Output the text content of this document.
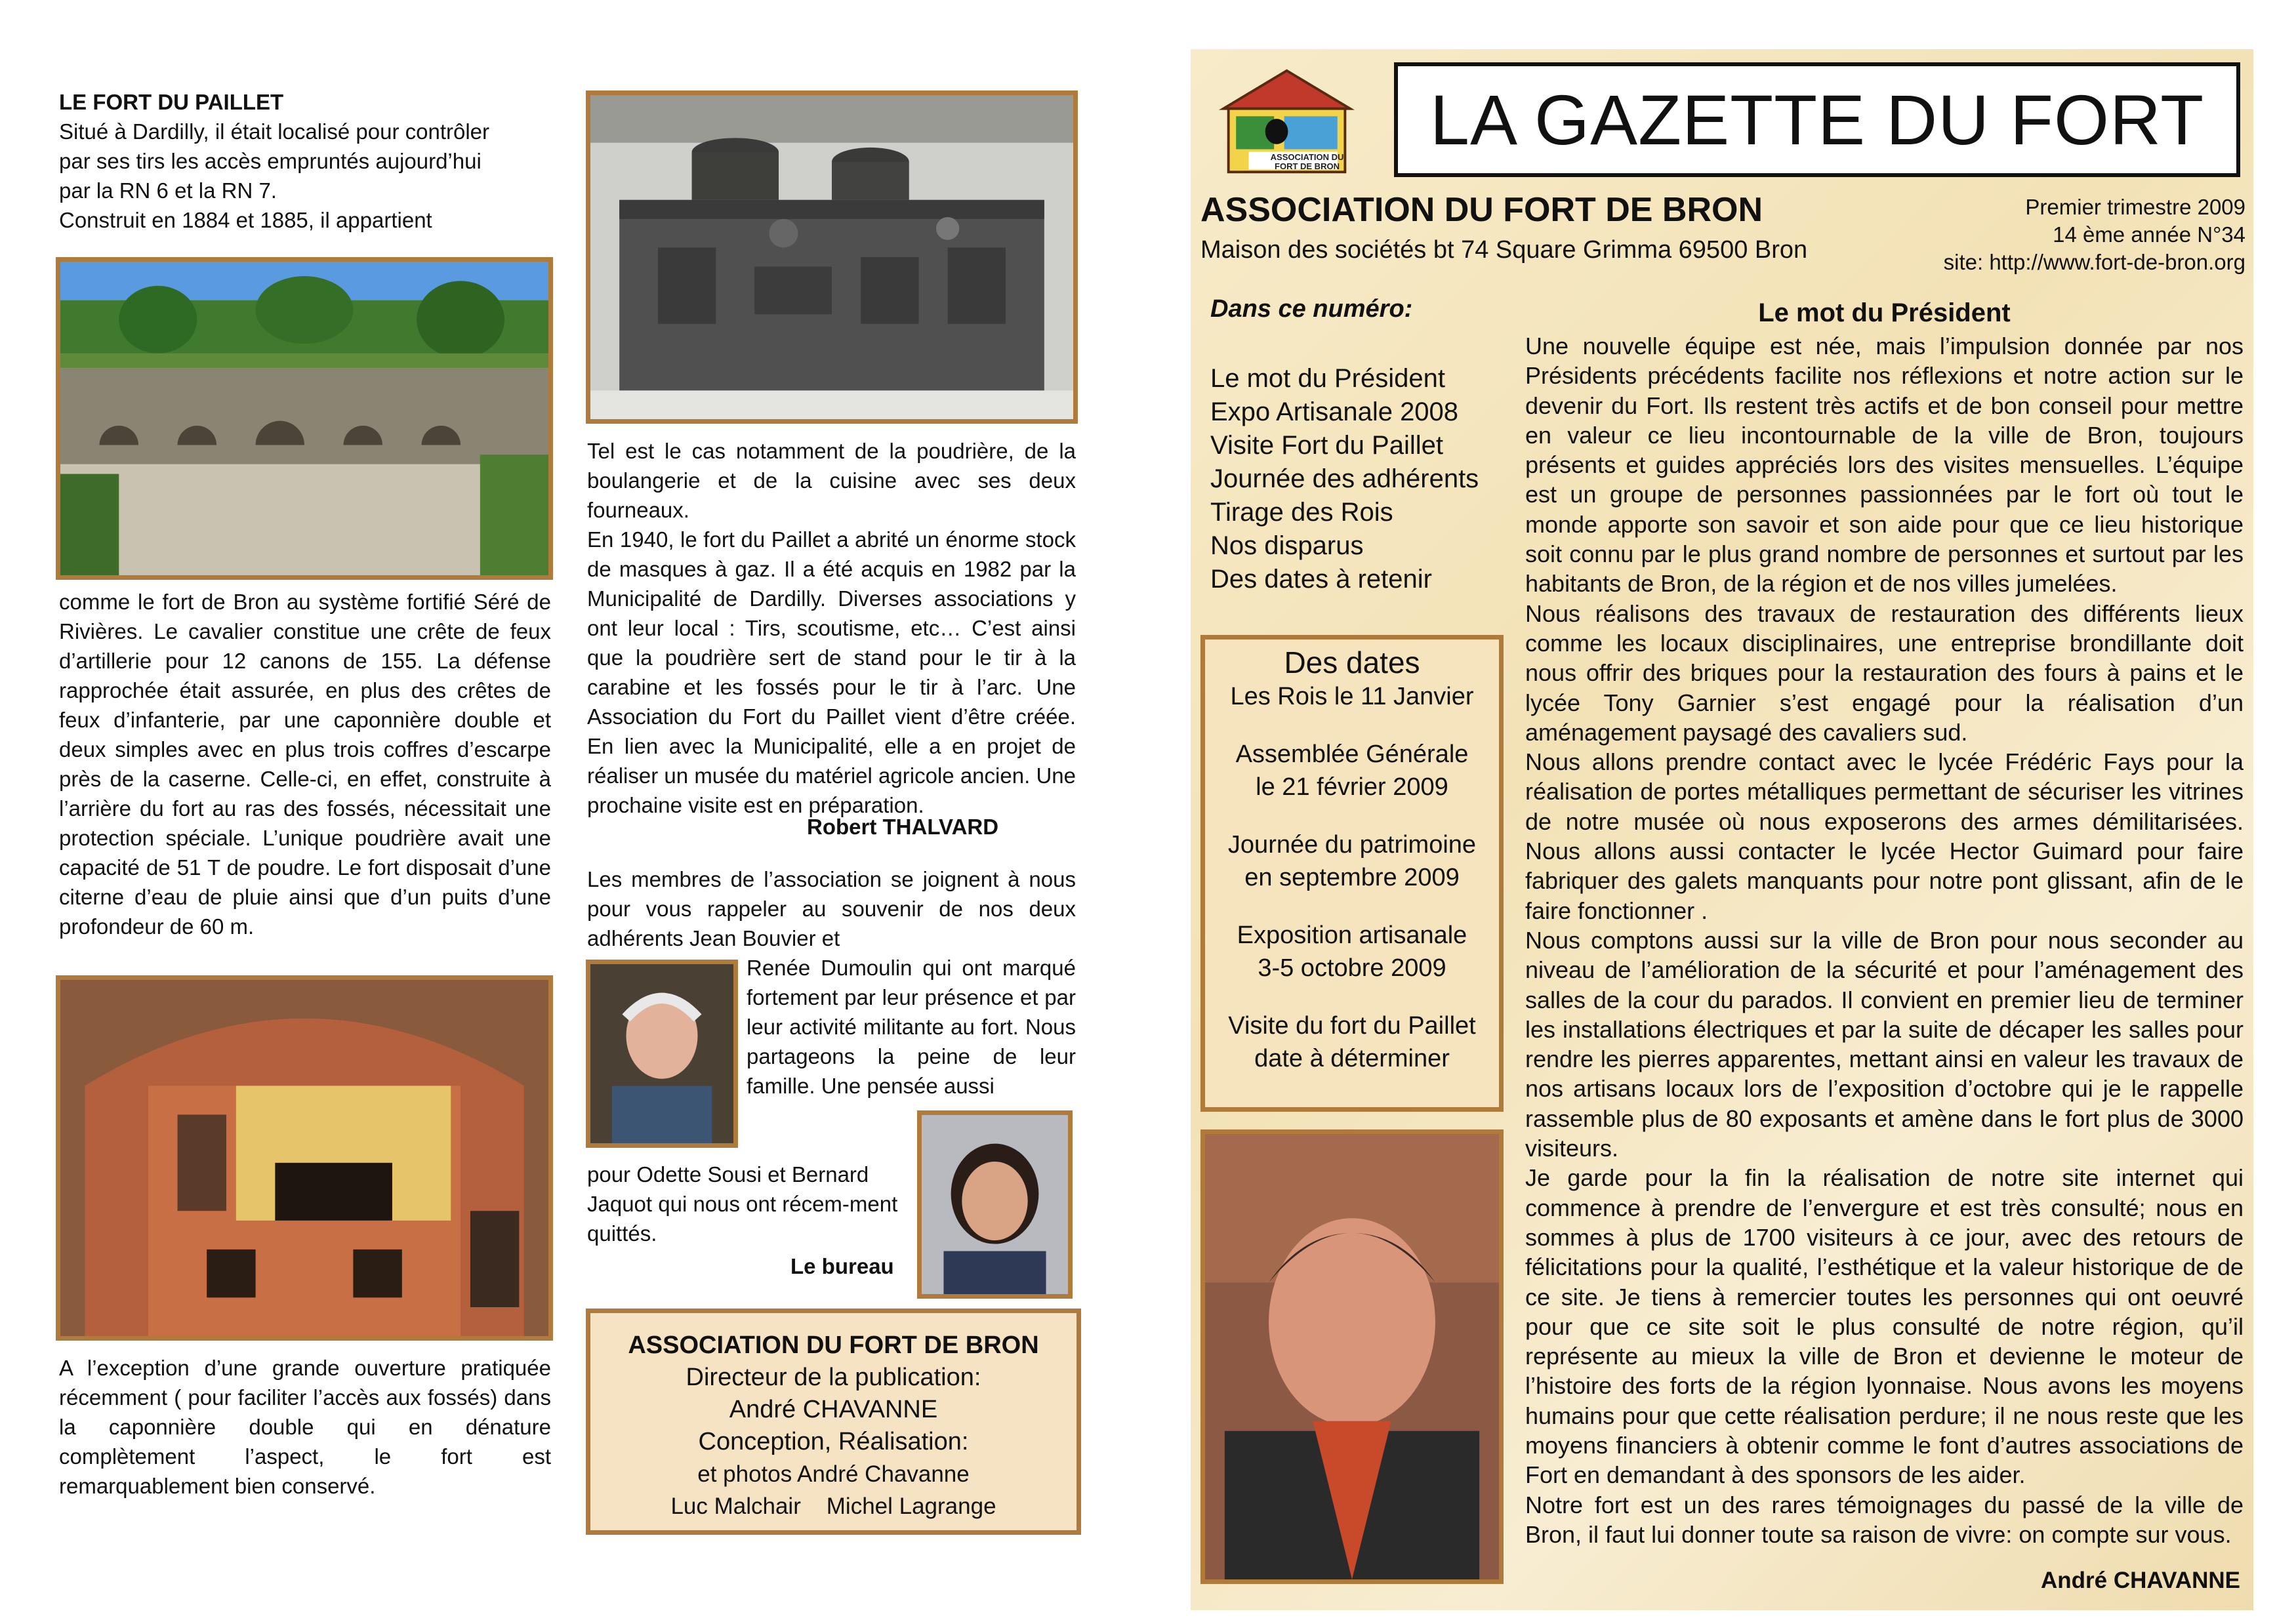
LE FORT DU PAILLET
Situé à Dardilly, il était localisé pour contrôler
par ses tirs les accès empruntés aujourd’hui
par la RN 6 et la RN 7.
Construit en 1884 et 1885, il appartient
comme le fort de Bron au système fortifié Séré de Rivières. Le cavalier constitue une crête de feux d’artillerie pour 12 canons de 155. La défense rapprochée était assurée, en plus des crêtes de feux d’infanterie, par une caponnière double et deux simples avec en plus trois coffres d’escarpe près de la caserne. Celle-ci, en effet, construite à l’arrière du fort au ras des fossés, nécessitait une protection spéciale. L’unique poudrière avait une capacité de 51 T de poudre. Le fort disposait d’une citerne d’eau de pluie ainsi que d’un puits d’une profondeur de 60 m.
A l’exception d’une grande ouverture pratiquée récemment ( pour faciliter l’accès aux fossés) dans la caponnière double qui en dénature complètement l’aspect, le fort est remarquablement bien conservé.
Tel est le cas notamment de la poudrière, de la boulangerie et de la cuisine avec ses deux fourneaux.
En 1940, le fort du Paillet a abrité un énorme stock de masques à gaz. Il a été acquis en 1982 par la Municipalité de Dardilly. Diverses associations y ont leur local : Tirs, scoutisme, etc… C’est ainsi que la poudrière sert de stand pour le tir à la carabine et les fossés pour le tir à l’arc. Une Association du Fort du Paillet vient d’être créée. En lien avec la Municipalité, elle a en projet de réaliser un musée du matériel agricole ancien. Une prochaine visite est en préparation.
Robert THALVARD
Les membres de l’association se joignent à nous pour vous rappeler au souvenir de nos deux adhérents Jean Bouvier et
Renée Dumoulin qui ont marqué fortement par leur présence et par leur activité militante au fort. Nous partageons la peine de leur famille. Une pensée aussi
pour Odette Sousi et Bernard Jaquot qui nous ont récem-ment quittés.
Le bureau
ASSOCIATION DU FORT DE BRON
Directeur de la publication:
André CHAVANNE
Conception, Réalisation:
et photos André Chavanne
Luc Malchair    Michel Lagrange
ASSOCIATION DU FORT DE BRON
LA GAZETTE DU FORT
ASSOCIATION DU FORT DE BRON
Maison des sociétés bt 74 Square Grimma 69500 Bron
Premier trimestre 2009
14 ème année N°34
site: http://www.fort-de-bron.org
Dans ce numéro:
Le mot du Président
Expo Artisanale 2008
Visite Fort du Paillet
Journée des adhérents
Tirage des Rois
Nos disparus
Des dates à retenir
Des dates
Les Rois le 11 Janvier
Assemblée Générale
le 21 février 2009
Journée du patrimoine
en septembre 2009
Exposition artisanale
3-5 octobre 2009
Visite du fort du Paillet
date à déterminer
Le mot du Président

Une nouvelle équipe est née, mais l’impulsion donnée par nos Présidents précédents facilite nos réflexions et notre action sur le devenir du Fort. Ils restent très actifs et de bon conseil pour mettre en valeur ce lieu incontournable de la ville de Bron, toujours présents et guides appréciés lors des visites mensuelles. L’équipe est un groupe de personnes passionnées par le fort où tout le monde apporte son savoir et son aide pour que ce lieu historique soit connu par le plus grand nombre de personnes et surtout par les habitants de Bron, de la région et de nos villes jumelées.

Nous réalisons des travaux de restauration des différents lieux comme les locaux disciplinaires, une entreprise brondillante doit nous offrir des briques pour la restauration des fours à pains et le lycée Tony Garnier s’est engagé pour la réalisation d’un aménagement paysagé des cavaliers sud.

Nous allons prendre contact avec le lycée Frédéric Fays pour la réalisation de portes métalliques permettant de sécuriser les vitrines de notre musée où nous exposerons des armes démilitarisées. Nous allons aussi contacter le lycée Hector Guimard pour faire fabriquer des galets manquants pour notre pont glissant, afin de le faire fonctionner .

Nous comptons aussi sur la ville de Bron pour nous seconder au niveau de l’amélioration de la sécurité et pour l’aménagement des salles de la cour du parados. Il convient en premier lieu de terminer les installations électriques et par la suite de décaper les salles pour rendre les pierres apparentes, mettant ainsi en valeur les travaux de nos artisans locaux lors de l’exposition d’octobre qui je le rappelle rassemble plus de 80 exposants et amène dans le fort plus de 3000 visiteurs.

Je garde pour la fin la réalisation de notre site internet qui commence à prendre de l’envergure et est très consulté; nous en sommes à plus de 1700 visiteurs à ce jour, avec des retours de félicitations pour la qualité, l’esthétique et la valeur historique de de ce site. Je tiens à remercier toutes les personnes qui ont oeuvré pour que ce site soit le plus consulté de notre région, qu’il représente au mieux la ville de Bron et devienne le moteur de l’histoire des forts de la région lyonnaise. Nous avons les moyens humains pour que cette réalisation perdure; il ne nous reste que les moyens financiers à obtenir comme le font d’autres associations de Fort en demandant à des sponsors de les aider.

Notre fort est un des rares témoignages du passé de la ville de Bron, il faut lui donner toute sa raison de vivre: on compte sur vous.

André CHAVANNE
